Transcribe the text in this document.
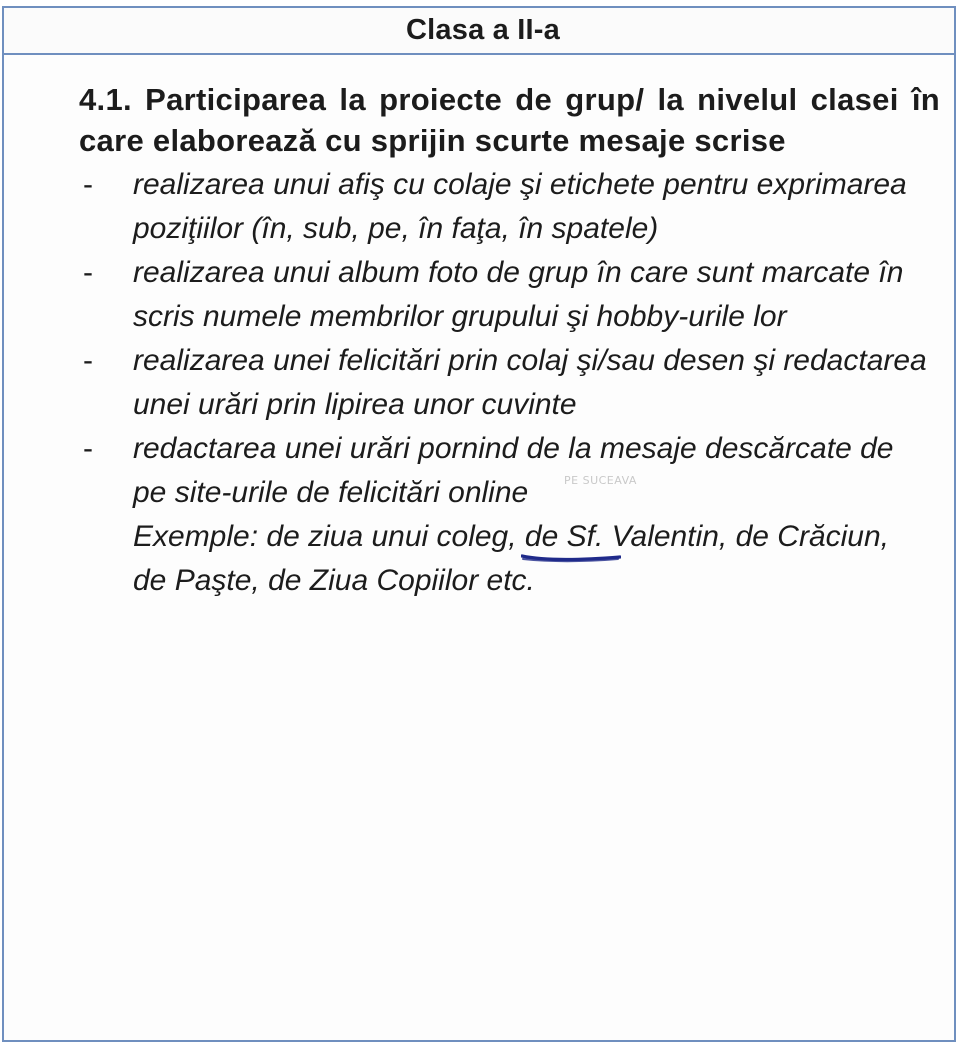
Clasa a II-a

4.1. Participarea la proiecte de grup/ la nivelul clasei în care elaborează cu sprijin scurte mesaje scrise

-	realizarea unui afiş cu colaje şi etichete pentru exprimarea poziţiilor (în, sub, pe, în faţa, în spatele)
-	realizarea unui album foto de grup în care sunt marcate în scris numele membrilor grupului şi hobby-urile lor
-	realizarea unei felicitări prin colaj şi/sau desen şi redactarea unei urări prin lipirea unor cuvinte
-	redactarea unei urări pornind de la mesaje descărcate de pe site-urile de felicitări online
Exemple: de ziua unui coleg, de Sf. Valentin,
de Crăciun, de Paşte, de Ziua Copiilor etc.
PE SUCEAVA
